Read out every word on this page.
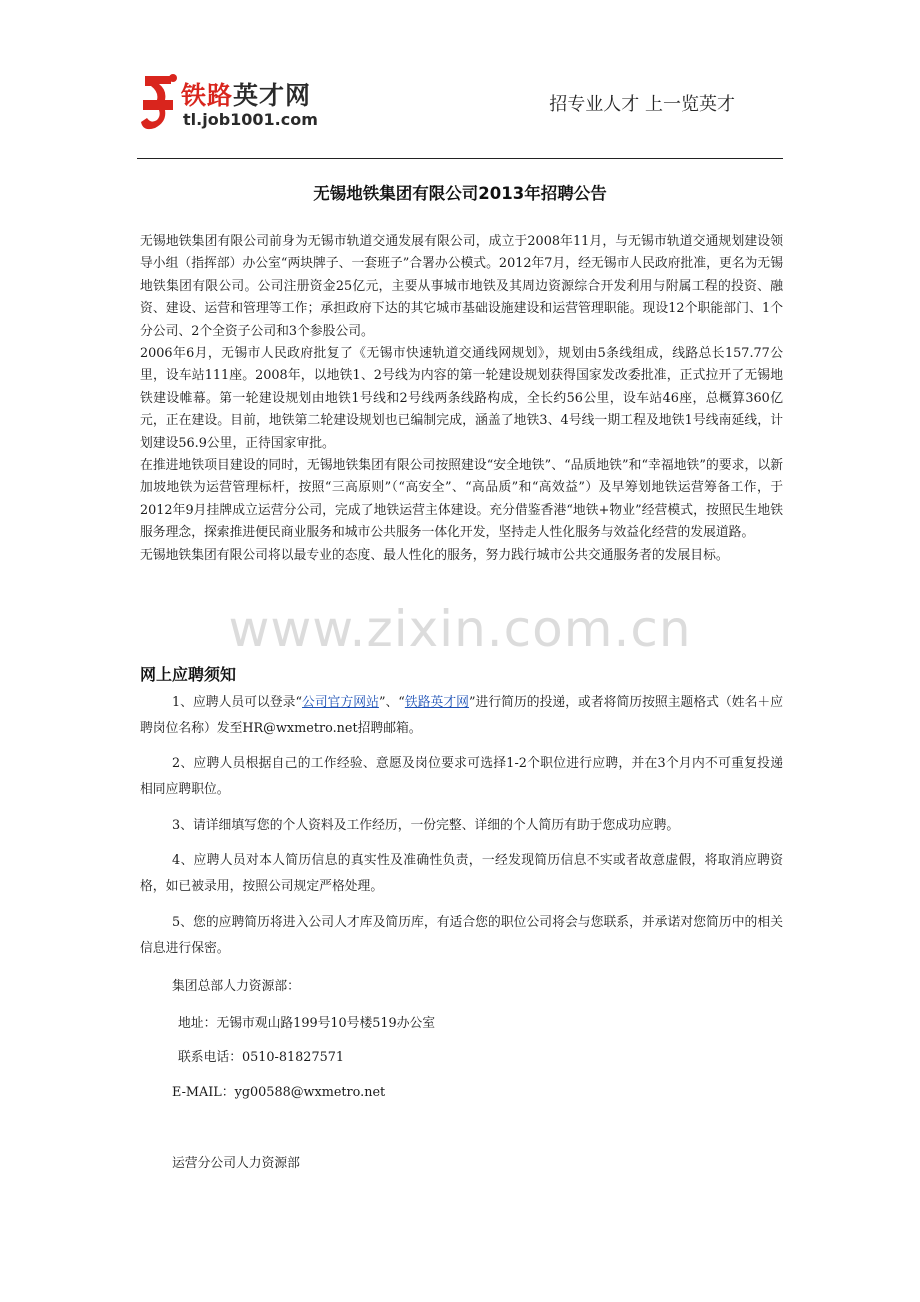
铁路英才网
tl.job1001.com
招专业人才 上一览英才
无锡地铁集团有限公司2013年招聘公告

无锡地铁集团有限公司前身为无锡市轨道交通发展有限公司，成立于2008年11月，与无锡市轨道交通规划建设领导小组（指挥部）办公室“两块牌子、一套班子”合署办公模式。2012年7月，经无锡市人民政府批准，更名为无锡地铁集团有限公司。公司注册资金25亿元，主要从事城市地铁及其周边资源综合开发利用与附属工程的投资、融资、建设、运营和管理等工作；承担政府下达的其它城市基础设施建设和运营管理职能。现设12个职能部门、1个分公司、2个全资子公司和3个参股公司。

2006年6月，无锡市人民政府批复了《无锡市快速轨道交通线网规划》，规划由5条线组成，线路总长157.77公里，设车站111座。2008年，以地铁1、2号线为内容的第一轮建设规划获得国家发改委批准，正式拉开了无锡地铁建设帷幕。第一轮建设规划由地铁1号线和2号线两条线路构成，全长约56公里，设车站46座，总概算360亿元，正在建设。目前，地铁第二轮建设规划也已编制完成，涵盖了地铁3、4号线一期工程及地铁1号线南延线，计划建设56.9公里，正待国家审批。

在推进地铁项目建设的同时，无锡地铁集团有限公司按照建设“安全地铁”、“品质地铁”和“幸福地铁”的要求，以新加坡地铁为运营管理标杆，按照“三高原则”（“高安全”、“高品质”和“高效益”）及早筹划地铁运营筹备工作，于2012年9月挂牌成立运营分公司，完成了地铁运营主体建设。充分借鉴香港“地铁+物业”经营模式，按照民生地铁服务理念，探索推进便民商业服务和城市公共服务一体化开发，坚持走人性化服务与效益化经营的发展道路。

无锡地铁集团有限公司将以最专业的态度、最人性化的服务，努力践行城市公共交通服务者的发展目标。

www.zixin.com.cn
网上应聘须知
1、应聘人员可以登录“公司官方网站”、“铁路英才网”进行简历的投递，或者将简历按照主题格式（姓名＋应聘岗位名称）发至HR@wxmetro.net招聘邮箱。
2、应聘人员根据自己的工作经验、意愿及岗位要求可选择1-2个职位进行应聘，并在3个月内不可重复投递相同应聘职位。
3、请详细填写您的个人资料及工作经历，一份完整、详细的个人简历有助于您成功应聘。
4、应聘人员对本人简历信息的真实性及准确性负责，一经发现简历信息不实或者故意虚假，将取消应聘资格，如已被录用，按照公司规定严格处理。
5、您的应聘简历将进入公司人才库及简历库，有适合您的职位公司将会与您联系，并承诺对您简历中的相关信息进行保密。
集团总部人力资源部：
地址：无锡市观山路199号10号楼519办公室
联系电话：0510-81827571
E-MAIL：yg00588@wxmetro.net
运营分公司人力资源部
